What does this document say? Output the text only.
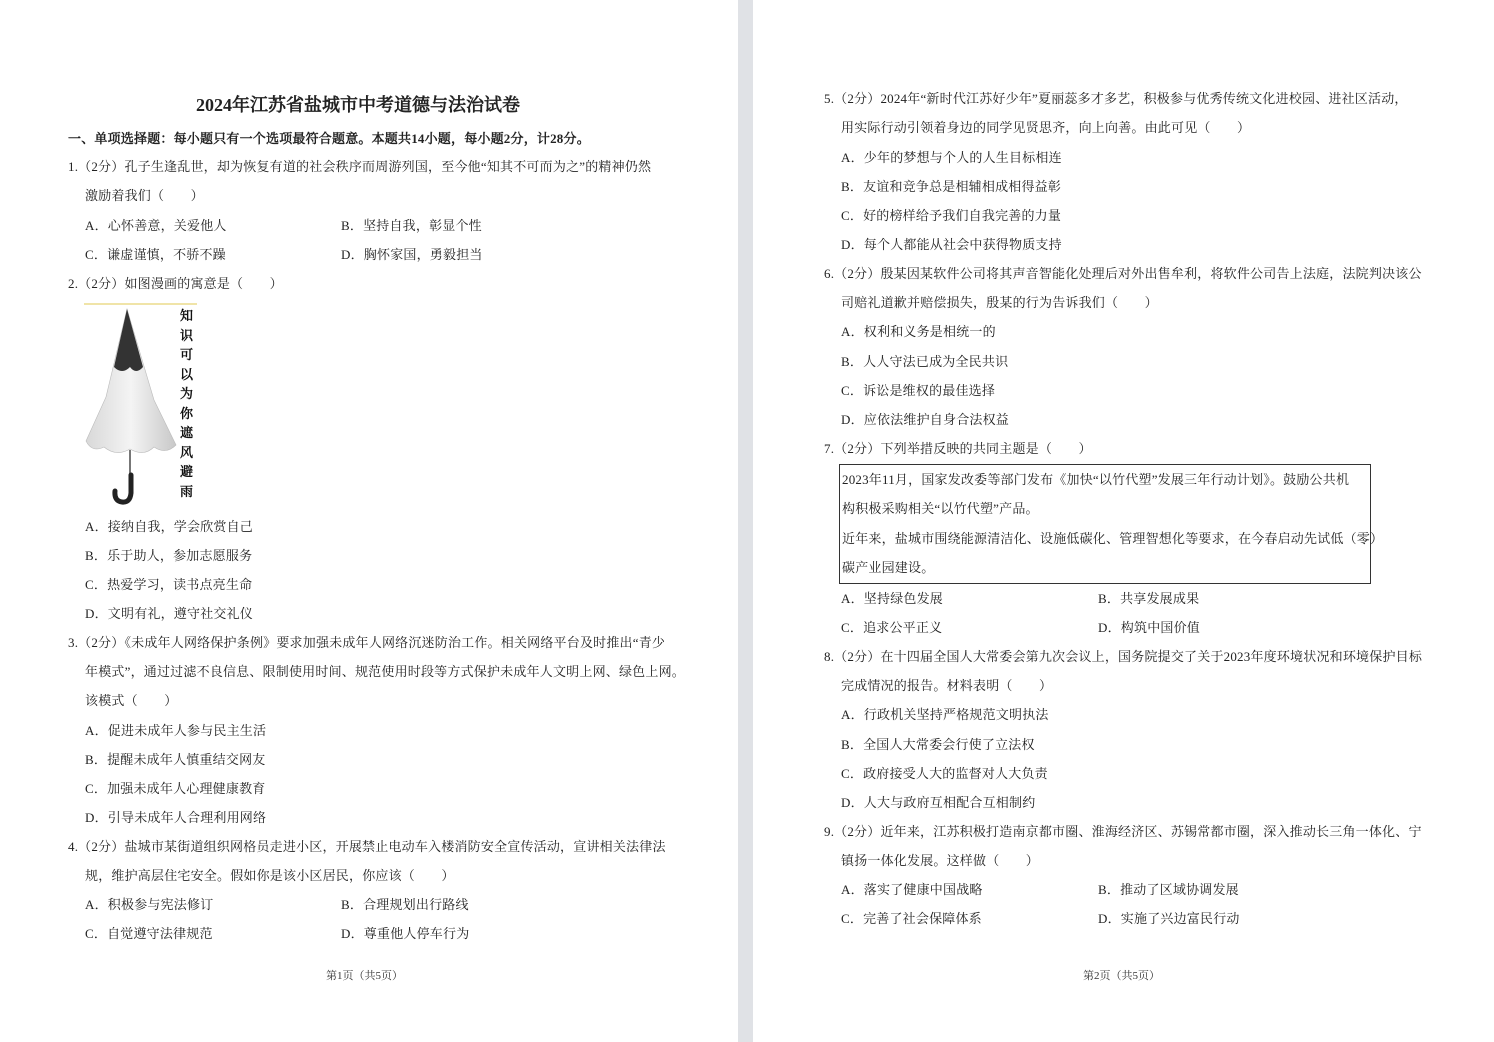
2024年江苏省盐城市中考道德与法治试卷
一、单项选择题：每小题只有一个选项最符合题意。本题共14小题，每小题2分，计28分。
1.（2分）孔子生逢乱世，却为恢复有道的社会秩序而周游列国，至今他“知其不可而为之”的精神仍然
激励着我们（　　）
A．心怀善意，关爱他人	B．坚持自我，彰显个性
C．谦虚谨慎，不骄不躁	D．胸怀家国，勇毅担当
2.（2分）如图漫画的寓意是（　　）
知识可以为你遮风避雨
A．接纳自我，学会欣赏自己
B．乐于助人，参加志愿服务
C．热爱学习，读书点亮生命
D．文明有礼，遵守社交礼仪
3.（2分）《未成年人网络保护条例》要求加强未成年人网络沉迷防治工作。相关网络平台及时推出“青少
年模式”，通过过滤不良信息、限制使用时间、规范使用时段等方式保护未成年人文明上网、绿色上网。
该模式（　　）
A．促进未成年人参与民主生活
B．提醒未成年人慎重结交网友
C．加强未成年人心理健康教育
D．引导未成年人合理利用网络
4.（2分）盐城市某街道组织网格员走进小区，开展禁止电动车入楼消防安全宣传活动，宣讲相关法律法
规，维护高层住宅安全。假如你是该小区居民，你应该（　　）
A．积极参与宪法修订	B．合理规划出行路线
C．自觉遵守法律规范	D．尊重他人停车行为
第1页（共5页）
5.（2分）2024年“新时代江苏好少年”夏丽蕊多才多艺，积极参与优秀传统文化进校园、进社区活动，
用实际行动引领着身边的同学见贤思齐，向上向善。由此可见（　　）
A．少年的梦想与个人的人生目标相连
B．友谊和竞争总是相辅相成相得益彰
C．好的榜样给予我们自我完善的力量
D．每个人都能从社会中获得物质支持
6.（2分）殷某因某软件公司将其声音智能化处理后对外出售牟利，将软件公司告上法庭，法院判决该公
司赔礼道歉并赔偿损失，殷某的行为告诉我们（　　）
A．权利和义务是相统一的
B．人人守法已成为全民共识
C．诉讼是维权的最佳选择
D．应依法维护自身合法权益
7.（2分）下列举措反映的共同主题是（　　）
2023年11月，国家发改委等部门发布《加快“以竹代塑”发展三年行动计划》。鼓励公共机
构积极采购相关“以竹代塑”产品。
近年来，盐城市围绕能源清洁化、设施低碳化、管理智想化等要求，在今春启动先试低（零）
碳产业园建设。
A．坚持绿色发展	B．共享发展成果
C．追求公平正义	D．构筑中国价值
8.（2分）在十四届全国人大常委会第九次会议上，国务院提交了关于2023年度环境状况和环境保护目标
完成情况的报告。材料表明（　　）
A．行政机关坚持严格规范文明执法
B．全国人大常委会行使了立法权
C．政府接受人大的监督对人大负责
D．人大与政府互相配合互相制约
9.（2分）近年来，江苏积极打造南京都市圈、淮海经济区、苏锡常都市圈，深入推动长三角一体化、宁
镇扬一体化发展。这样做（　　）
A．落实了健康中国战略	B．推动了区域协调发展
C．完善了社会保障体系	D．实施了兴边富民行动
第2页（共5页）
